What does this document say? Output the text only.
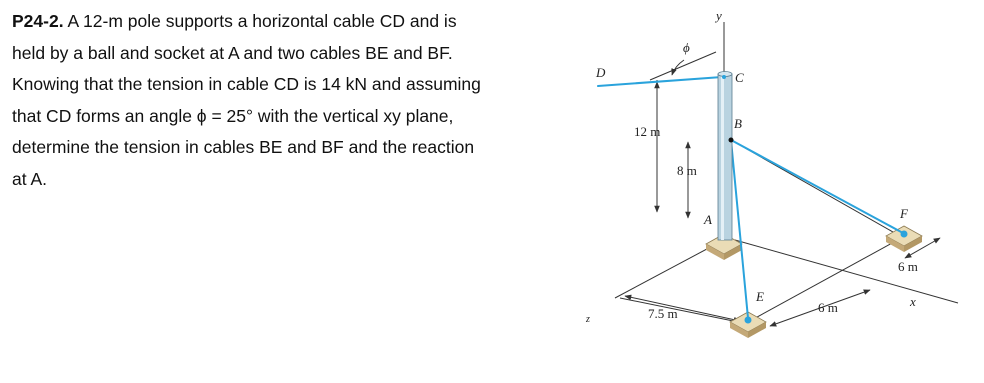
P24-2. A 12-m pole supports a horizontal cable CD and is
held by a ball and socket at A and two cables BE and BF.
Knowing that the tension in cable CD is 14 kN and assuming
that CD forms an angle ϕ = 25° with the vertical xy plane,
determine the tension in cables BE and BF and the reaction
at A.
y
ϕ
D	C
B
A
E
F
x
z
12 m
8 m
7.5 m	6 m
6 m
